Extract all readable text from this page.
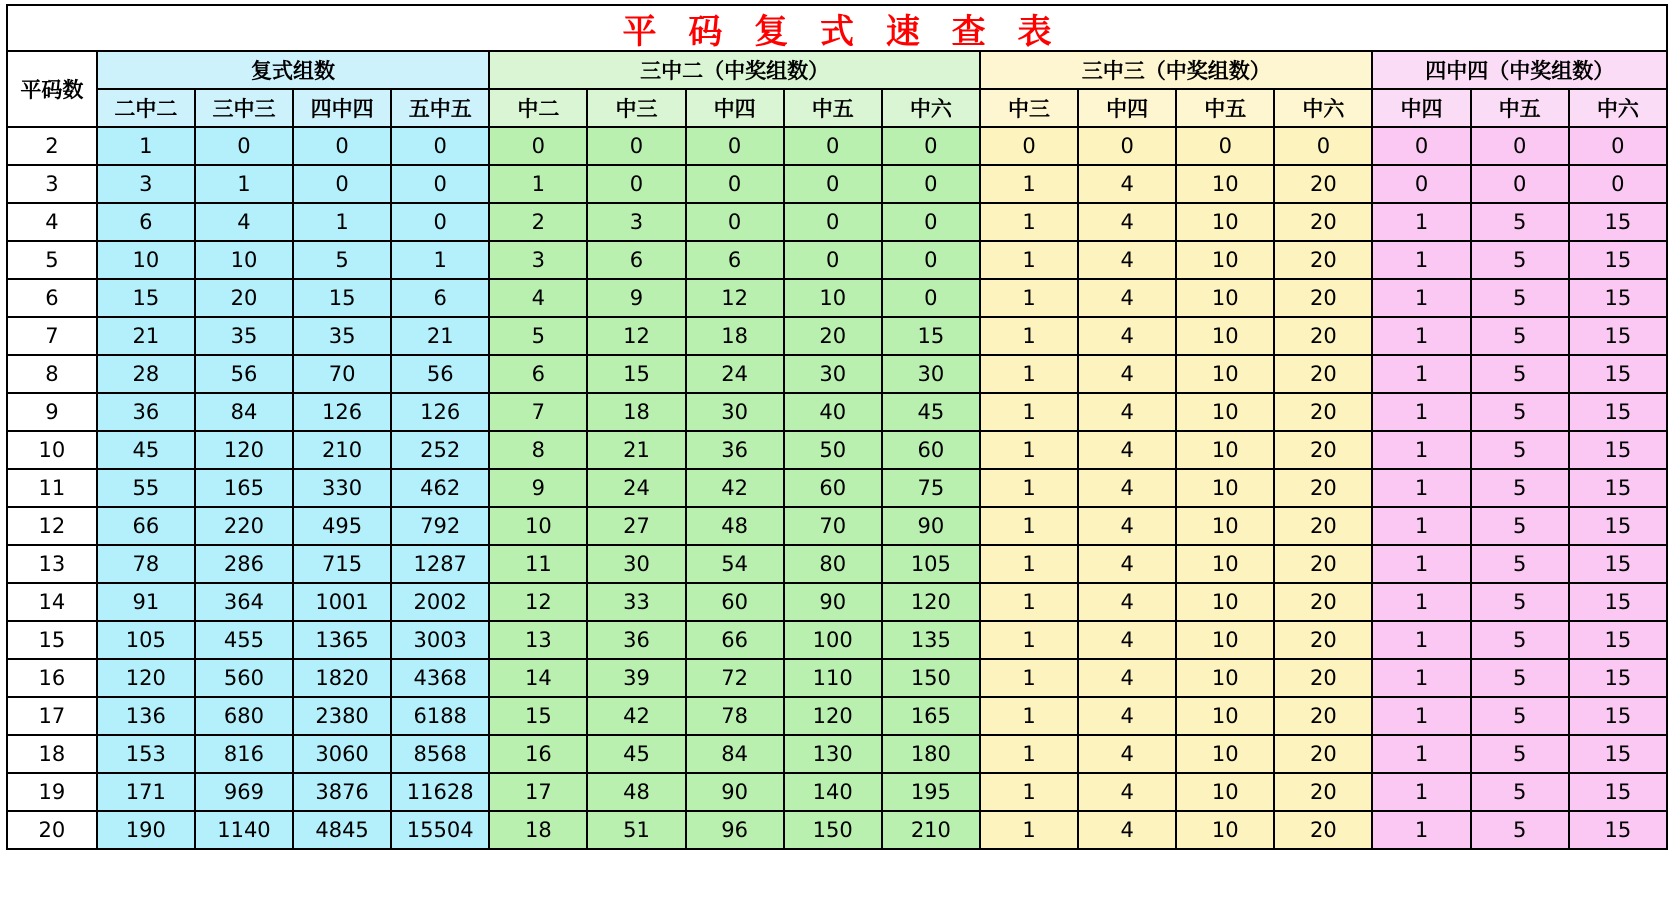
平 码 复 式 速 查 表
平码数	复式组数				三中二（中奖组数）					三中三（中奖组数）				四中四（中奖组数）		
	二中二	三中三	四中四	五中五	中二	中三	中四	中五	中六	中三	中四	中五	中六	中四	中五	中六
2	1	0	0	0	0	0	0	0	0	0	0	0	0	0	0	0
3	3	1	0	0	1	0	0	0	0	1	4	10	20	0	0	0
4	6	4	1	0	2	3	0	0	0	1	4	10	20	1	5	15
5	10	10	5	1	3	6	6	0	0	1	4	10	20	1	5	15
6	15	20	15	6	4	9	12	10	0	1	4	10	20	1	5	15
7	21	35	35	21	5	12	18	20	15	1	4	10	20	1	5	15
8	28	56	70	56	6	15	24	30	30	1	4	10	20	1	5	15
9	36	84	126	126	7	18	30	40	45	1	4	10	20	1	5	15
10	45	120	210	252	8	21	36	50	60	1	4	10	20	1	5	15
11	55	165	330	462	9	24	42	60	75	1	4	10	20	1	5	15
12	66	220	495	792	10	27	48	70	90	1	4	10	20	1	5	15
13	78	286	715	1287	11	30	54	80	105	1	4	10	20	1	5	15
14	91	364	1001	2002	12	33	60	90	120	1	4	10	20	1	5	15
15	105	455	1365	3003	13	36	66	100	135	1	4	10	20	1	5	15
16	120	560	1820	4368	14	39	72	110	150	1	4	10	20	1	5	15
17	136	680	2380	6188	15	42	78	120	165	1	4	10	20	1	5	15
18	153	816	3060	8568	16	45	84	130	180	1	4	10	20	1	5	15
19	171	969	3876	11628	17	48	90	140	195	1	4	10	20	1	5	15
20	190	1140	4845	15504	18	51	96	150	210	1	4	10	20	1	5	15
